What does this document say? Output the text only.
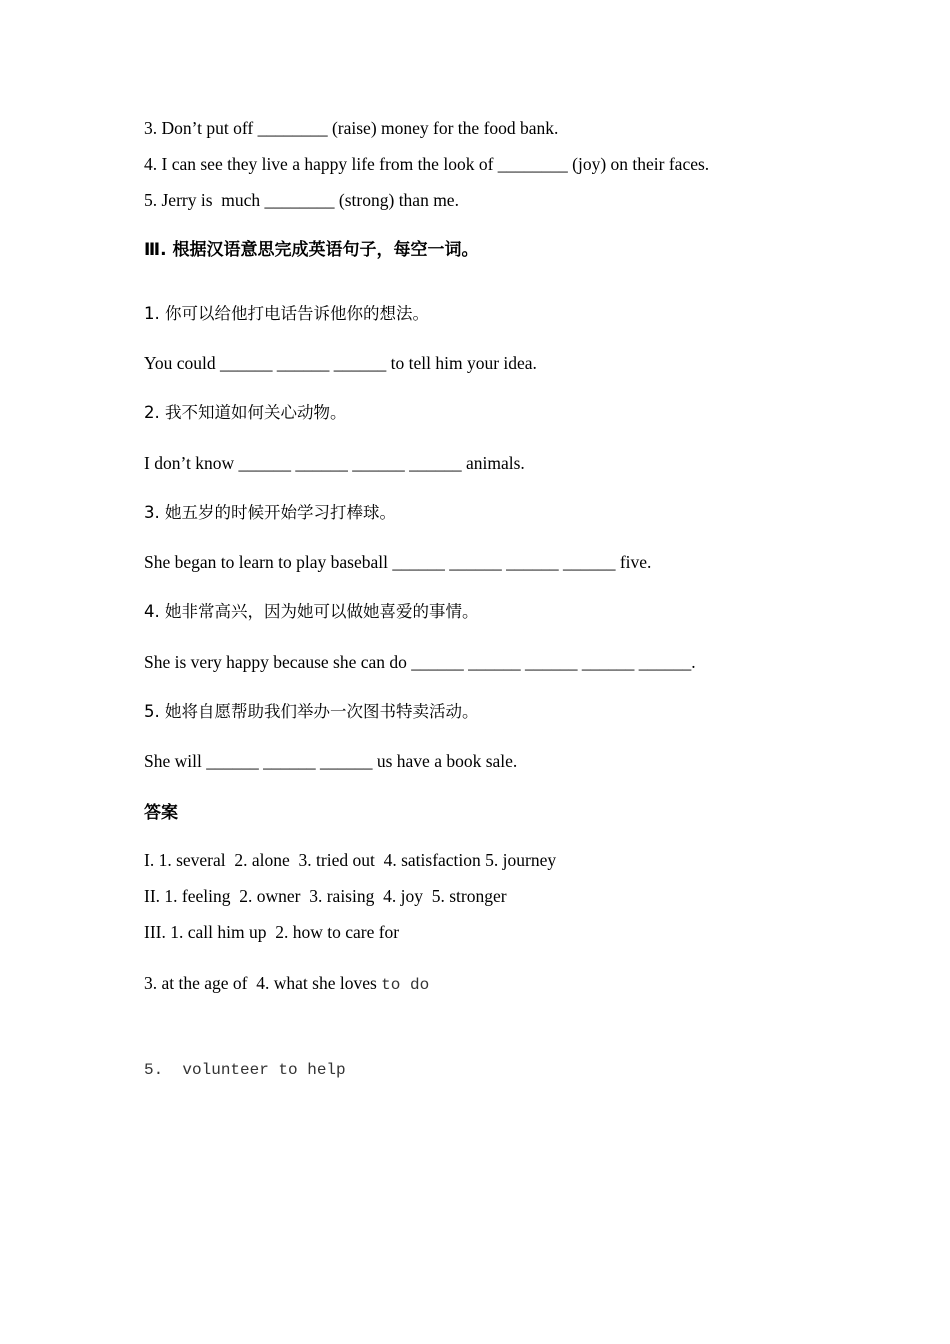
3. Don’t put off ________ (raise) money for the food bank.
4. I can see they live a happy life from the look of ________ (joy) on their faces.
5. Jerry is  much ________ (strong) than me.
Ⅲ. 根据汉语意思完成英语句子，每空一词。
1. 你可以给他打电话告诉他你的想法。
You could ______ ______ ______ to tell him your idea.
2. 我不知道如何关心动物。
I don’t know ______ ______ ______ ______ animals.
3. 她五岁的时候开始学习打棒球。
She began to learn to play baseball ______ ______ ______ ______ five.
4. 她非常高兴，因为她可以做她喜爱的事情。
She is very happy because she can do ______ ______ ______ ______ ______.
5. 她将自愿帮助我们举办一次图书特卖活动。
She will ______ ______ ______ us have a book sale.
答案
I. 1. several  2. alone  3. tried out  4. satisfaction 5. journey
II. 1. feeling  2. owner  3. raising  4. joy  5. stronger
III. 1. call him up  2. how to care for
3. at the age of  4. what she loves to do
5.  volunteer to help
